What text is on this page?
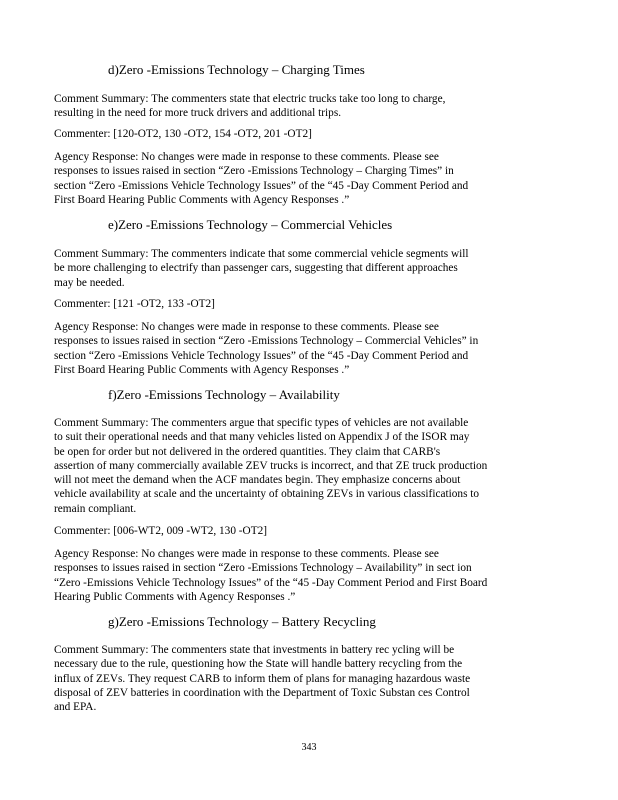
d)Zero -Emissions Technology – Charging Times
Comment Summary: The commenters state that electric trucks take too long to charge,
resulting in the need for more truck drivers and additional trips.
Commenter: [120-OT2, 130 -OT2, 154 -OT2, 201 -OT2]
Agency Response: No changes were made in response to these comments. Please see
responses to issues raised in section “Zero -Emissions Technology – Charging Times” in
section “Zero -Emissions Vehicle Technology Issues” of the “45 -Day Comment Period and
First Board Hearing Public Comments with Agency Responses .”
e)Zero -Emissions Technology – Commercial Vehicles
Comment Summary: The commenters indicate that some commercial vehicle segments will
be more challenging to electrify than passenger cars, suggesting that different approaches
may be needed.
Commenter: [121 -OT2, 133 -OT2]
Agency Response: No changes were made in response to these comments. Please see
responses to issues raised in section “Zero -Emissions Technology – Commercial Vehicles” in
section “Zero -Emissions Vehicle Technology Issues” of the “45 -Day Comment Period and
First Board Hearing Public Comments with Agency Responses .”
f)Zero -Emissions Technology – Availability
Comment Summary: The commenters argue that specific types of vehicles are not available
to suit their operational needs and that many vehicles listed on Appendix J of the ISOR may
be open for order but not delivered in the ordered quantities. They claim that CARB's
assertion of many commercially available ZEV trucks is incorrect, and that ZE truck production
will not meet the demand when the ACF mandates begin. They emphasize concerns about
vehicle availability at scale and the uncertainty of obtaining ZEVs in various classifications to
remain compliant.
Commenter: [006-WT2, 009 -WT2, 130 -OT2]
Agency Response: No changes were made in response to these comments. Please see
responses to issues raised in section “Zero -Emissions Technology – Availability” in sect ion
“Zero -Emissions Vehicle Technology Issues” of the “45 -Day Comment Period and First Board
Hearing Public Comments with Agency Responses .”
g)Zero -Emissions Technology – Battery Recycling
Comment Summary: The commenters state that investments in battery rec ycling will be
necessary due to the rule, questioning how the State will handle battery recycling from the
influx of ZEVs. They request CARB to inform them of plans for managing hazardous waste
disposal of ZEV batteries in coordination with the Department of Toxic Substan ces Control
and EPA.
343
